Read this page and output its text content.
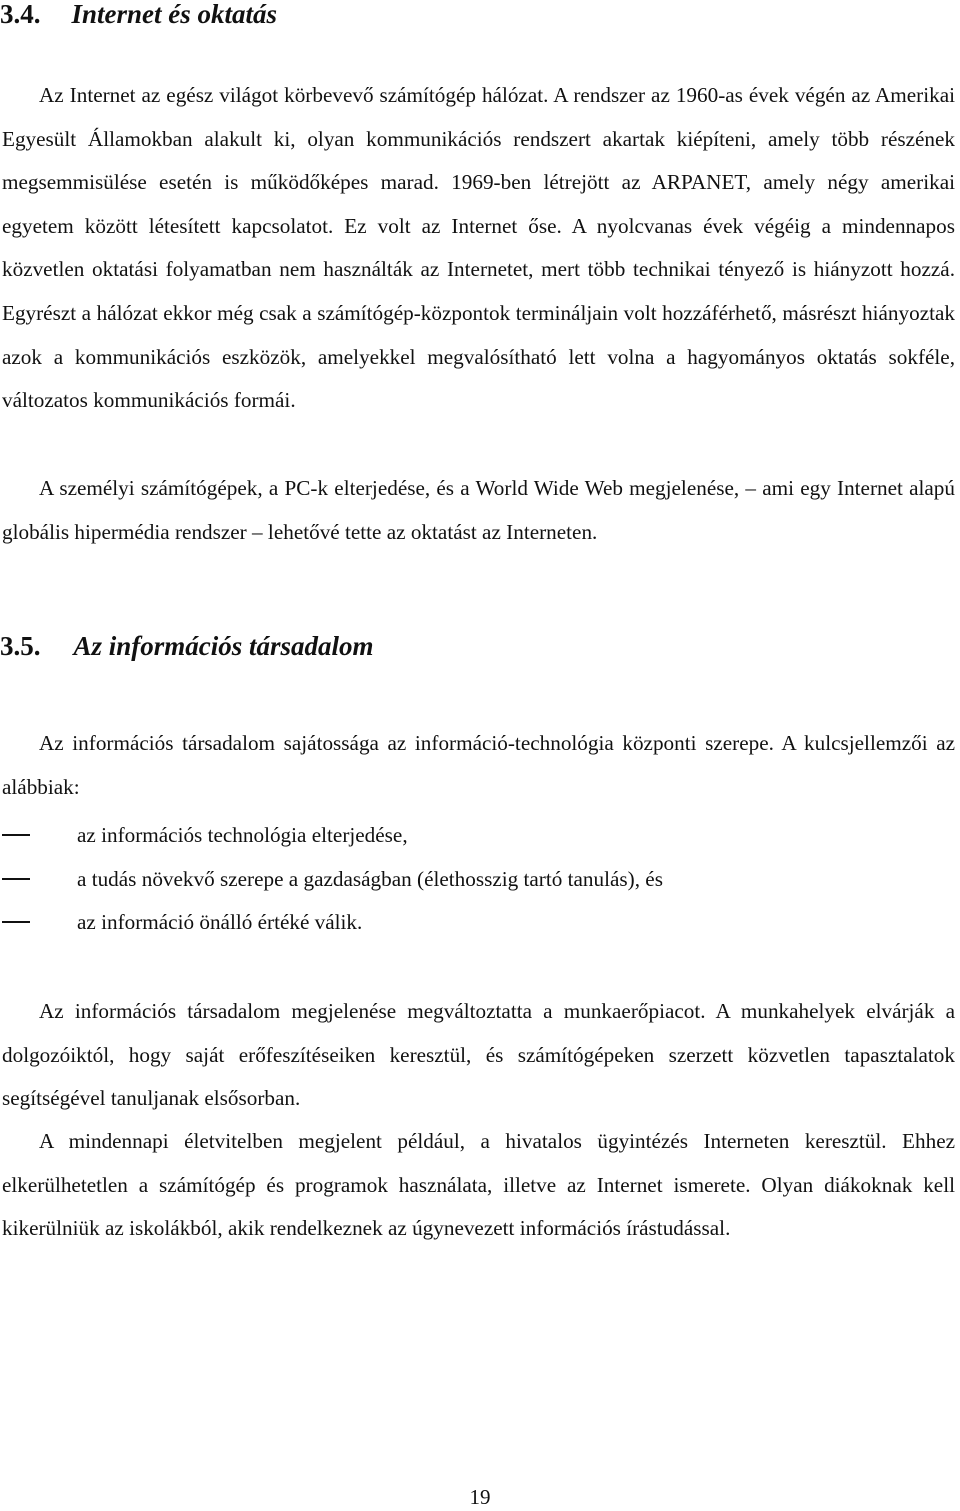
3.4. Internet és oktatás

Az Internet az egész világot körbevevő számítógép hálózat. A rendszer az 1960-as évek végén az Amerikai Egyesült Államokban alakult ki, olyan kommunikációs rendszert akartak kiépíteni, amely több részének megsemmisülése esetén is működőképes marad. 1969-ben létrejött az ARPANET, amely négy amerikai egyetem között létesített kapcsolatot. Ez volt az Internet őse. A nyolcvanas évek végéig a mindennapos közvetlen oktatási folyamatban nem használták az Internetet, mert több technikai tényező is hiányzott hozzá. Egyrészt a hálózat ekkor még csak a számítógép-központok termináljain volt hozzáférhető, másrészt hiányoztak azok a kommunikációs eszközök, amelyekkel megvalósítható lett volna a hagyományos oktatás sokféle, változatos kommunikációs formái.

A személyi számítógépek, a PC-k elterjedése, és a World Wide Web megjelenése, – ami egy Internet alapú globális hipermédia rendszer – lehetővé tette az oktatást az Interneten.

3.5. Az információs társadalom

Az információs társadalom sajátossága az információ-technológia központi szerepe. A kulcsjellemzői az alábbiak:

az információs technológia elterjedése,
a tudás növekvő szerepe a gazdaságban (élethosszig tartó tanulás), és
az információ önálló értéké válik.

Az információs társadalom megjelenése megváltoztatta a munkaerőpiacot. A munkahelyek elvárják a dolgozóiktól, hogy saját erőfeszítéseiken keresztül, és számítógépeken szerzett közvetlen tapasztalatok segítségével tanuljanak elsősorban.

A mindennapi életvitelben megjelent például, a hivatalos ügyintézés Interneten keresztül. Ehhez elkerülhetetlen a számítógép és programok használata, illetve az Internet ismerete. Olyan diákoknak kell kikerülniük az iskolákból, akik rendelkeznek az úgynevezett információs írástudással.

19
